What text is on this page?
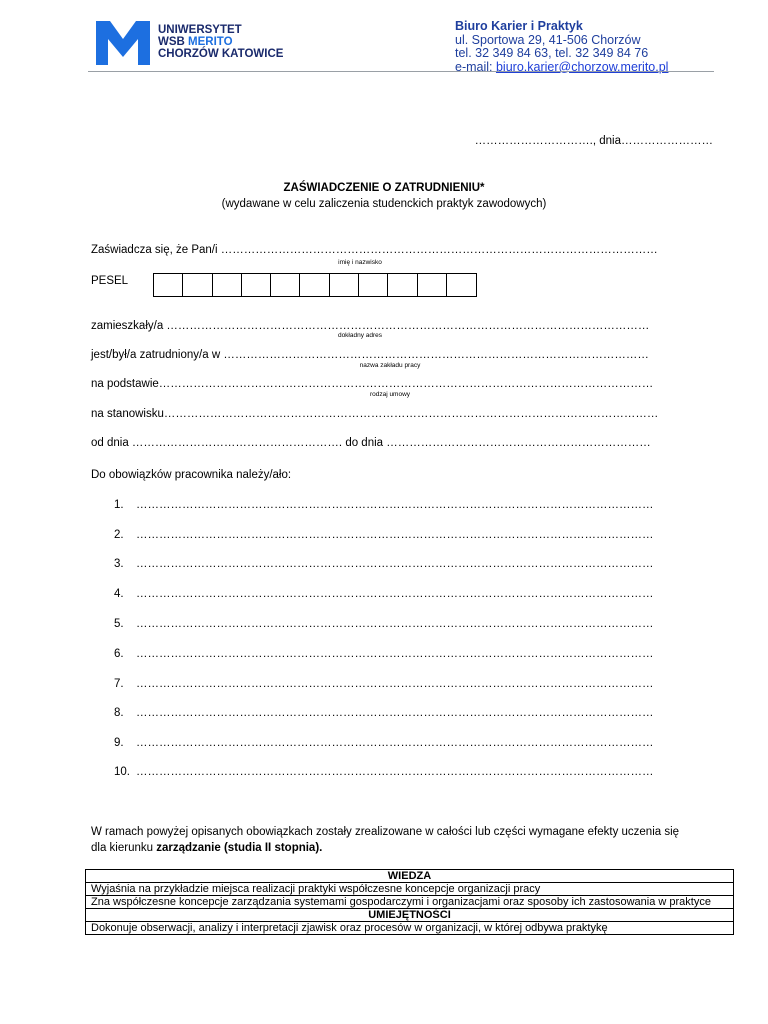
UNIWERSYTET
WSB MERITO
CHORZÓW KATOWICE
Biuro Karier i Praktyk
ul. Sportowa 29, 41-506 Chorzów
tel. 32 349 84 63, tel. 32 349 84 76
e-mail: biuro.karier@chorzow.merito.pl
…………………………., dnia……………………
ZAŚWIADCZENIE O ZATRUDNIENIU*
(wydawane w celu zaliczenia studenckich praktyk zawodowych)
Zaświadcza się, że Pan/i ……………………………………………………………………………………………………
imię i nazwisko
PESEL
zamieszkały/a ………………………………………………………………………………………………………………
dokładny adres
jest/był/a zatrudniony/a w …………………………………………………………………………………………………
nazwa zakładu pracy
na podstawie…………………………………………………………………………………………………………………
rodzaj umowy
na stanowisku…………………………………………………………………………………………………………………
od dnia ………………………………………………. do dnia ……………………………………………………………
Do obowiązków pracownika należy/ało:
1. ………………………………………………………………………………………………………………………
2. ………………………………………………………………………………………………………………………
3. ………………………………………………………………………………………………………………………
4. ………………………………………………………………………………………………………………………
5. ………………………………………………………………………………………………………………………
6. ………………………………………………………………………………………………………………………
7. ………………………………………………………………………………………………………………………
8. ………………………………………………………………………………………………………………………
9. ………………………………………………………………………………………………………………………
10. ………………………………………………………………………………………………………………………
W ramach powyżej opisanych obowiązkach zostały zrealizowane w całości lub części wymagane efekty uczenia się dla kierunku zarządzanie (studia II stopnia).
WIEDZA
Wyjaśnia na przykładzie miejsca realizacji praktyki współczesne koncepcje organizacji pracy
Zna współczesne koncepcje zarządzania systemami gospodarczymi i organizacjami oraz sposoby ich zastosowania w praktyce
UMIEJĘTNOŚCI
Dokonuje obserwacji, analizy i interpretacji zjawisk oraz procesów w organizacji, w której odbywa praktykę
